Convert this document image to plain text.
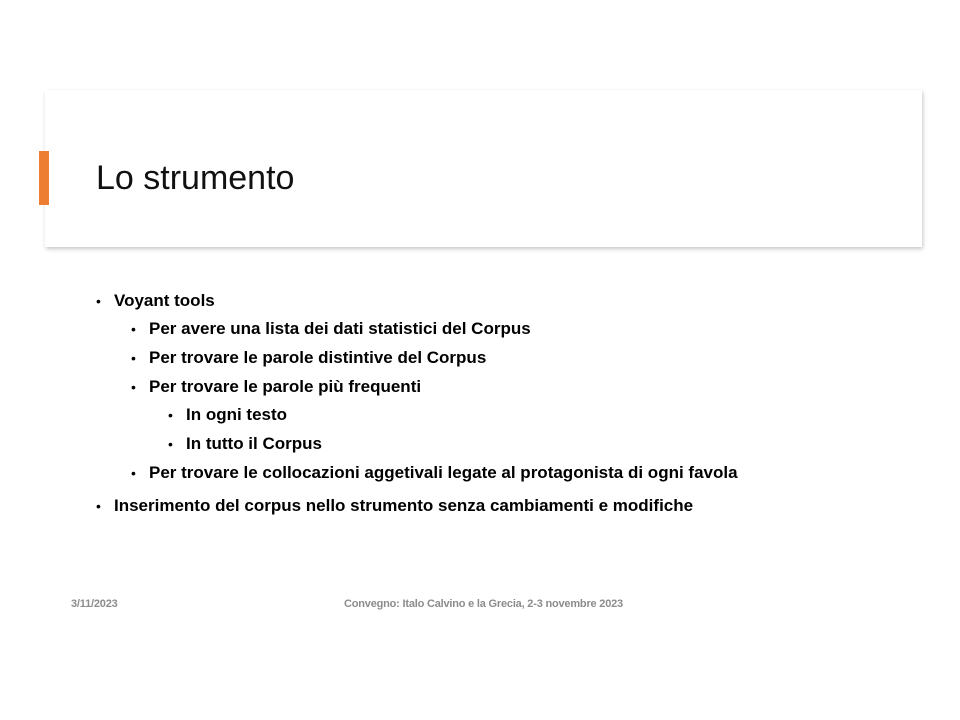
Lo strumento
• Voyant tools
• Per avere una lista dei dati statistici del Corpus
• Per trovare le parole distintive del Corpus
• Per trovare le parole più frequenti
• In ogni testo
• In tutto il Corpus
• Per trovare le collocazioni aggetivali legate al protagonista di ogni favola
• Inserimento del corpus nello strumento senza cambiamenti e modifiche
3/11/2023	Convegno: Italo Calvino e la Grecia, 2-3 novembre 2023
